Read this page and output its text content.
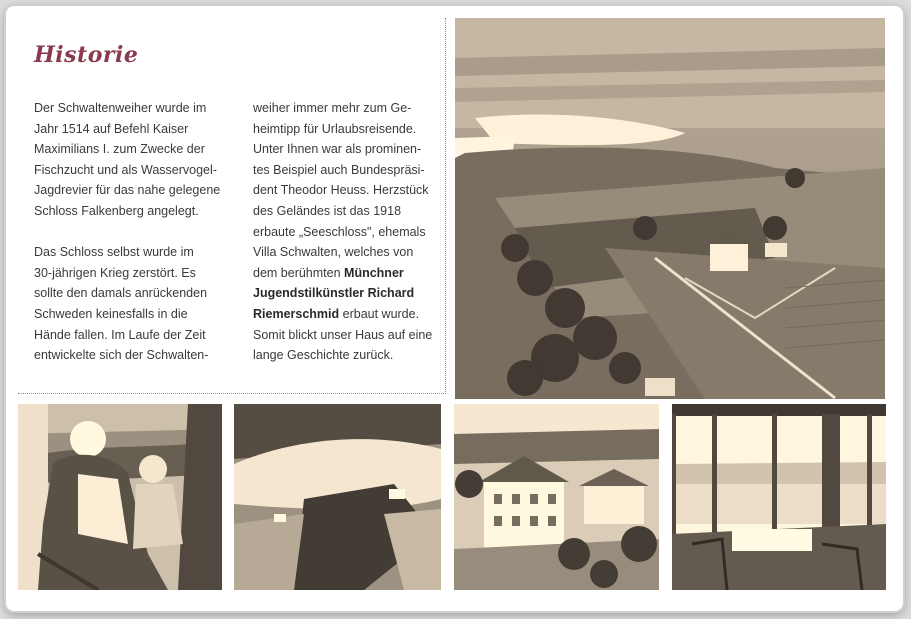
Historie

Der Schwaltenweiher wurde im
Jahr 1514 auf Befehl Kaiser
Maximilians I. zum Zwecke der
Fischzucht und als Wasservogel-
Jagdrevier für das nahe gelegene
Schloss Falkenberg angelegt.

Das Schloss selbst wurde im
30-jährigen Krieg zerstört. Es
sollte den damals anrückenden
Schweden keinesfalls in die
Hände fallen. Im Laufe der Zeit
entwickelte sich der Schwalten-

weiher immer mehr zum Ge-
heimtipp für Urlaubsreisende.
Unter Ihnen war als prominen-
tes Beispiel auch Bundespräsi-
dent Theodor Heuss. Herzstück
des Geländes ist das 1918
erbaute „Seeschloss", ehemals
Villa Schwalten, welches von
dem berühmten Münchner
Jugendstilkünstler Richard
Riemerschmid erbaut wurde.
Somit blickt unser Haus auf eine
lange Geschichte zurück.
